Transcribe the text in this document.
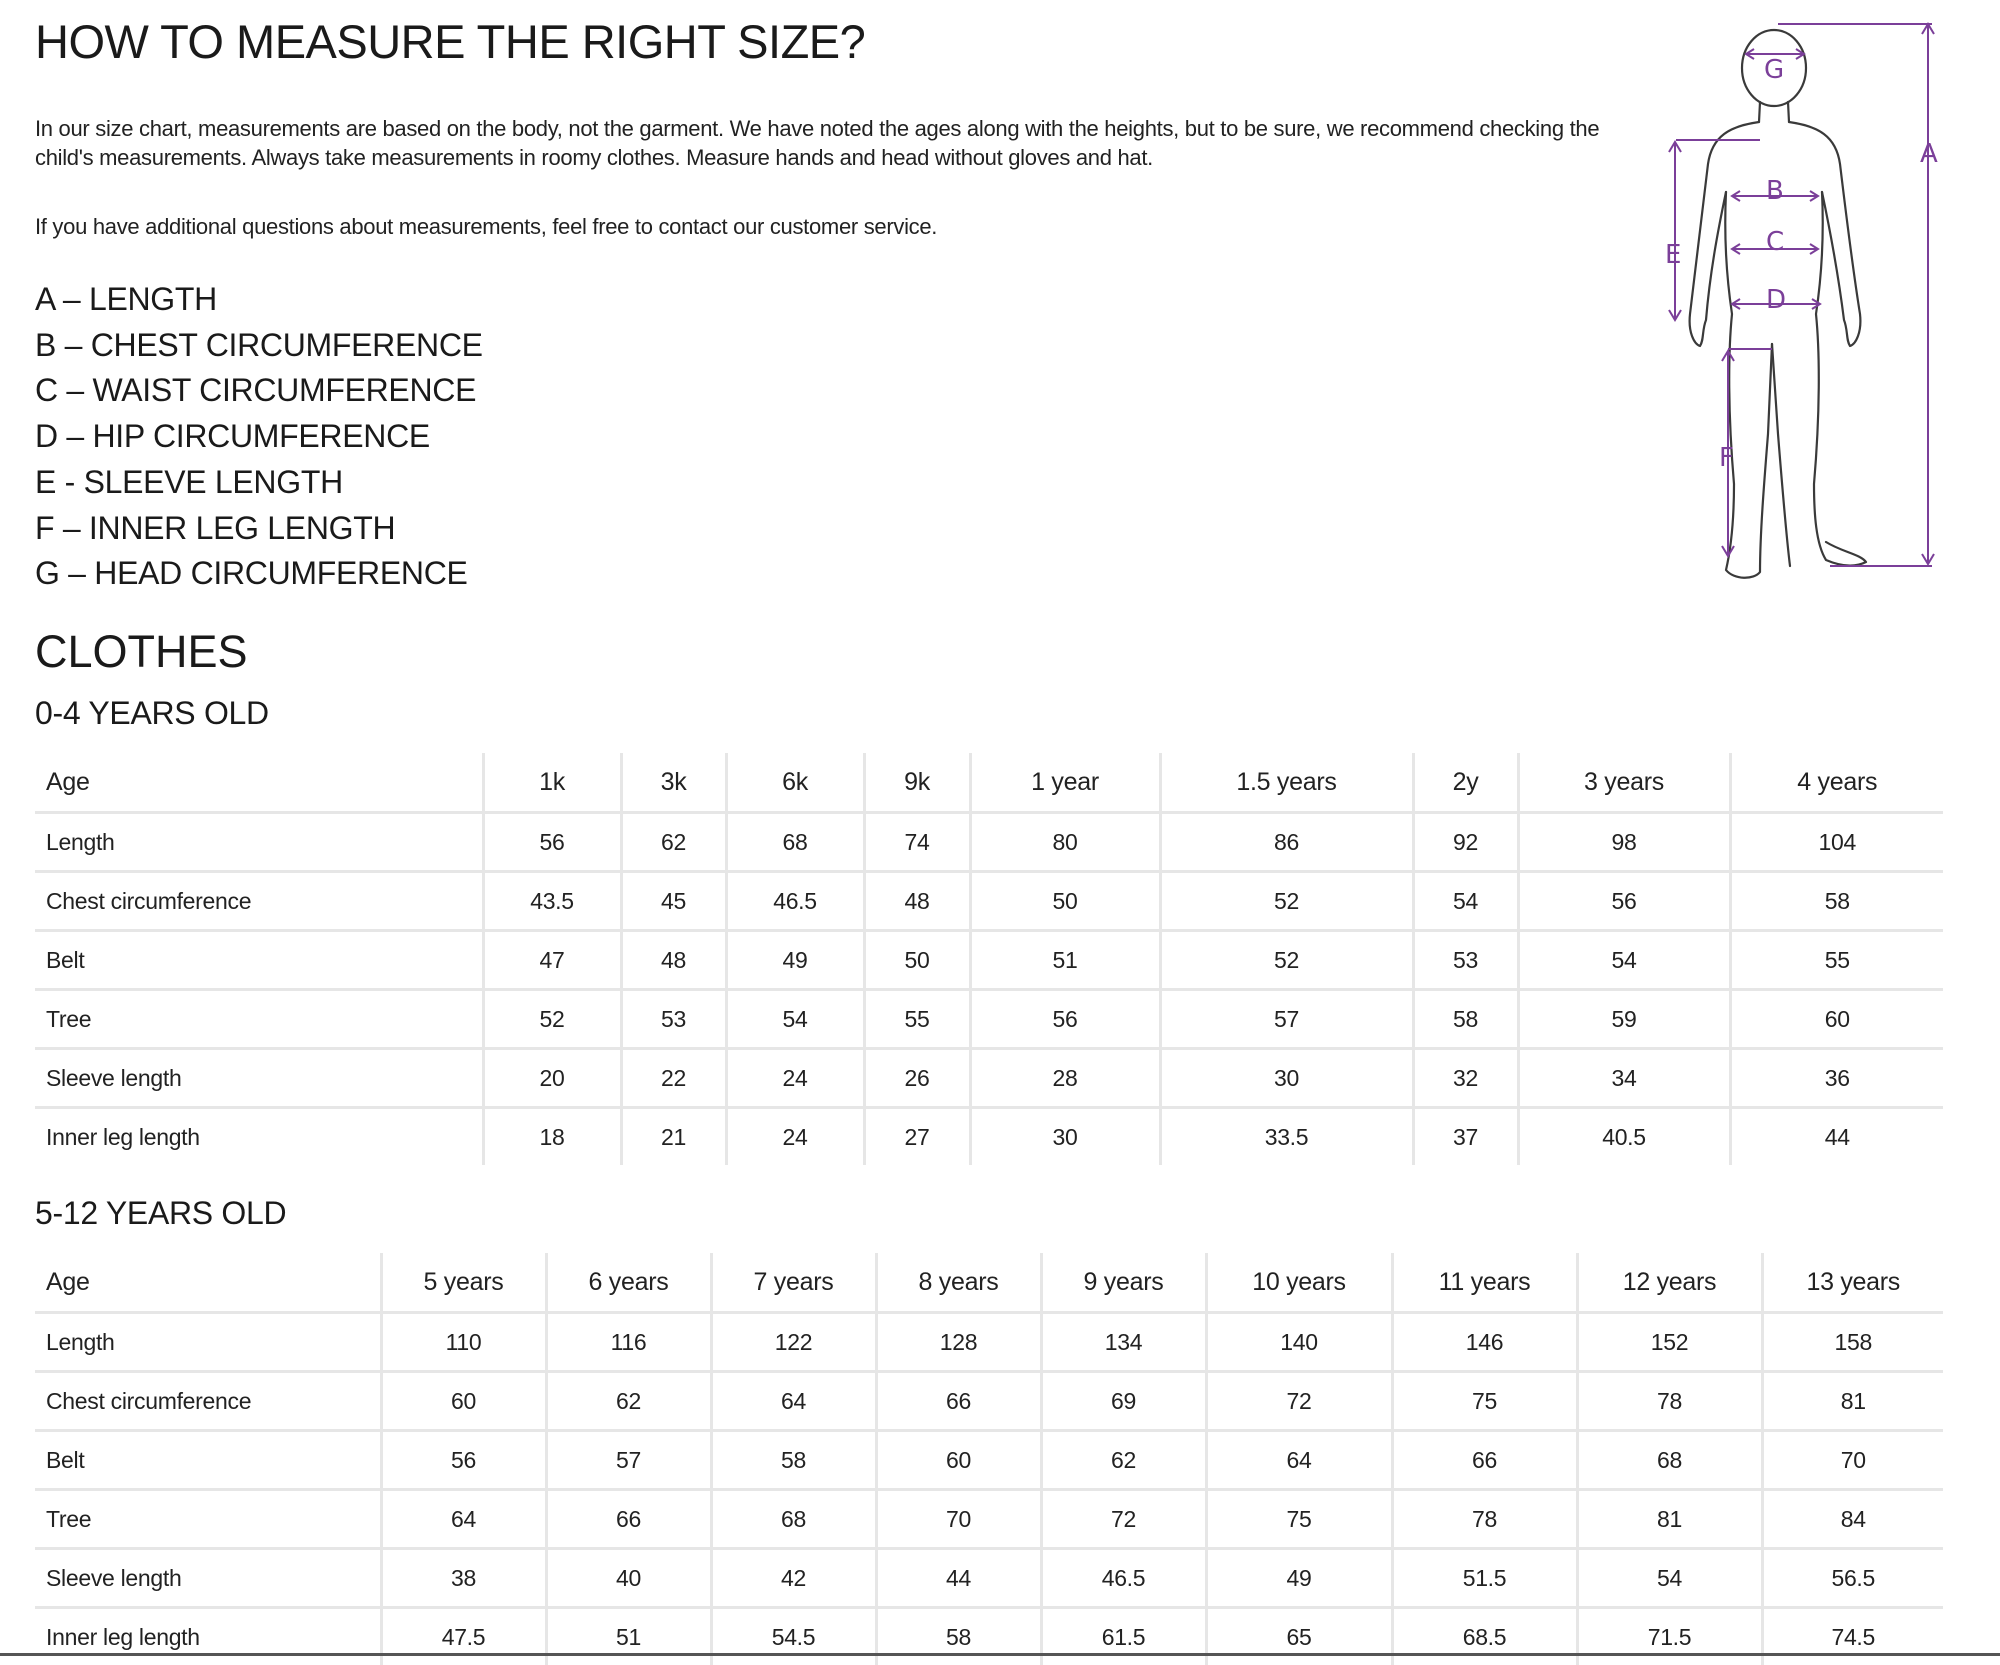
HOW TO MEASURE THE RIGHT SIZE?

In our size chart, measurements are based on the body, not the garment. We have noted the ages along with the heights, but to be sure, we recommend checking the child's measurements. Always take measurements in roomy clothes. Measure hands and head without gloves and hat.

If you have additional questions about measurements, feel free to contact our customer service.

A – LENGTH
B – CHEST CIRCUMFERENCE
C – WAIST CIRCUMFERENCE
D – HIP CIRCUMFERENCE
E - SLEEVE LENGTH
F – INNER LEG LENGTH
G – HEAD CIRCUMFERENCE
A
B
C
D
E
F
G
CLOTHES
0-4 YEARS OLD
Age	1k	3k	6k	9k	1 year	1.5 years	2y	3 years	4 years
Length	56	62	68	74	80	86	92	98	104
Chest circumference	43.5	45	46.5	48	50	52	54	56	58
Belt	47	48	49	50	51	52	53	54	55
Tree	52	53	54	55	56	57	58	59	60
Sleeve length	20	22	24	26	28	30	32	34	36
Inner leg length	18	21	24	27	30	33.5	37	40.5	44
5-12 YEARS OLD
Age	5 years	6 years	7 years	8 years	9 years	10 years	11 years	12 years	13 years
Length	110	116	122	128	134	140	146	152	158
Chest circumference	60	62	64	66	69	72	75	78	81
Belt	56	57	58	60	62	64	66	68	70
Tree	64	66	68	70	72	75	78	81	84
Sleeve length	38	40	42	44	46.5	49	51.5	54	56.5
Inner leg length	47.5	51	54.5	58	61.5	65	68.5	71.5	74.5
